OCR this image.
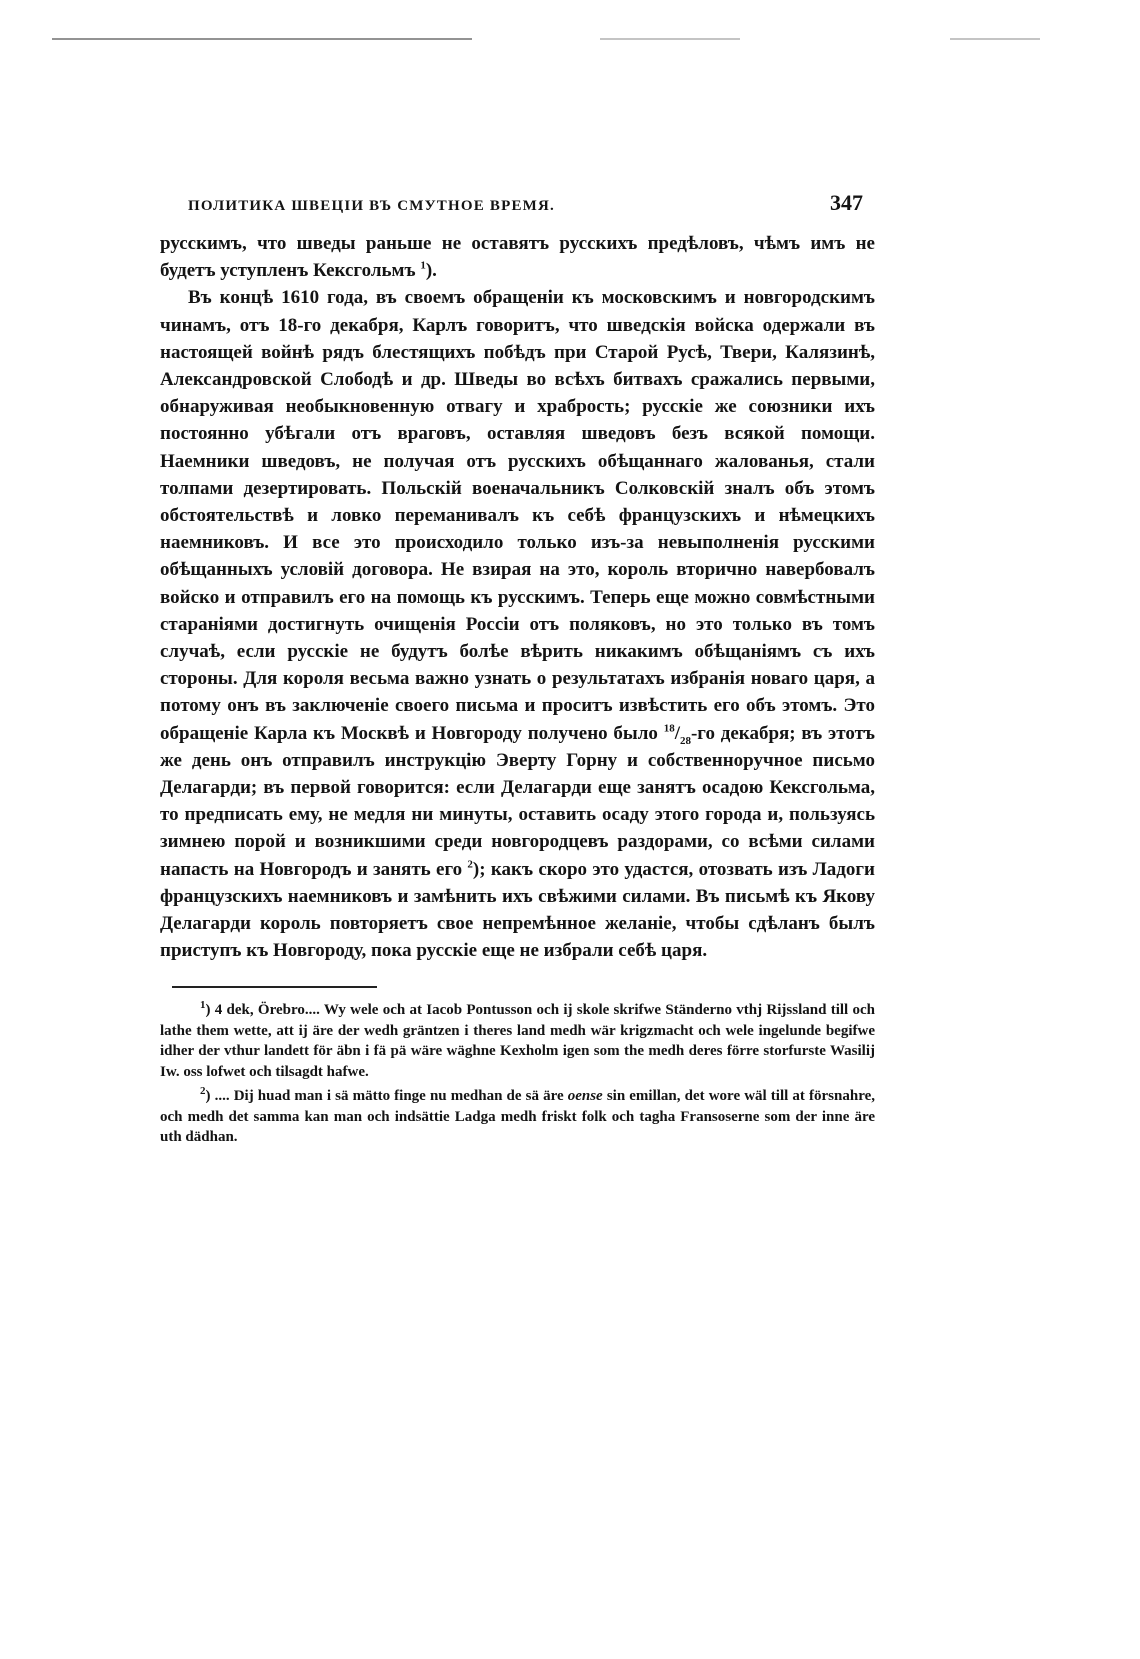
ПОЛИТИКА ШВЕЦІИ ВЪ СМУТНОЕ ВРЕМЯ.	347

русскимъ, что шведы раньше не оставятъ русскихъ предѣловъ, чѣмъ имъ не будетъ уступленъ Кексгольмъ $^1$).

Въ концѣ 1610 года, въ своемъ обращеніи къ московскимъ и новгородскимъ чинамъ, отъ 18-го декабря, Карлъ говоритъ, что шведскія войска одержали въ настоящей войнѣ рядъ блестящихъ побѣдъ при Старой Русѣ, Твери, Калязинѣ, Александровской Слободѣ и др. Шведы во всѣхъ битвахъ сражались первыми, обнаруживая необыкновенную отвагу и храбрость; русскіе же союзники ихъ постоянно убѣгали отъ враговъ, оставляя шведовъ безъ всякой помощи. Наемники шведовъ, не получая отъ русскихъ обѣщаннаго жалованья, стали толпами дезертировать. Польскій военачальникъ Солковскій зналъ объ этомъ обстоятельствѣ и ловко переманивалъ къ себѣ французскихъ и нѣмецкихъ наемниковъ. И все это происходило только изъ-за невыполненія русскими обѣщанныхъ условій договора. Не взирая на это, король вторично навербовалъ войско и отправилъ его на помощь къ русскимъ. Теперь еще можно совмѣстными стараніями достигнуть очищенія Россіи отъ поляковъ, но это только въ томъ случаѣ, если русскіе не будутъ болѣе вѣрить никакимъ обѣщаніямъ съ ихъ стороны. Для короля весьма важно узнать о результатахъ избранія новаго царя, а потому онъ въ заключеніе своего письма и проситъ извѣстить его объ этомъ. Это обращеніе Карла къ Москвѣ и Новгороду получено было $^{18}/_{28}-го$ декабря; въ этотъ же день онъ отправилъ инструкцію Эверту Горну и собственноручное письмо Делагарди; въ первой говорится: если Делагарди еще занятъ осадою Кексгольма, то предписать ему, не медля ни минуты, оставить осаду этого города и, пользуясь зимнею порой и возникшими среди новгородцевъ раздорами, со всѣми силами напасть на Новгородъ и занять его $^2$); какъ скоро это удастся, отозвать изъ Ладоги французскихъ наемниковъ и замѣнить ихъ свѣжими силами. Въ письмѣ къ Якову Делагарди король повторяетъ свое непремѣнное желаніе, чтобы сдѣланъ былъ приступъ къ Новгороду, пока русскіе еще не избрали себѣ царя.

$^1$) 4 dek, Örebro.... Wy wele och at Iacob Pontusson och ij skole skrifwe Ständerno vthj Rijssland till och lathe them wette, att ij äre der wedh gräntzen i theres land medh wär krigzmacht och wele ingelunde begifwe idher der vthur landett för äbn i fä pä wäre wäghne Kexholm igen som the medh deres förre storfurste Wasilij Iw. oss lofwet och tilsagdt hafwe.

$^2$) .... Dij huad man i sä mätto finge nu medhan de sä äre oense sin emillan, det wore wäl till at försnahre, och medh det samma kan man och indsättie Ladga medh friskt folk och tagha Fransoserne som der inne äre uth dädhan.
